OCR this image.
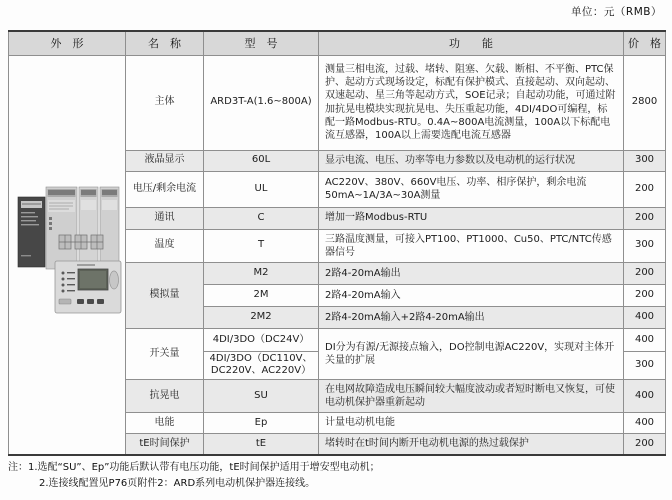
单位：元（RMB）
外　形	名　称	型　号	功　　能	价　格

	主体	ARD3T-A(1.6~800A)	测量三相电流，过载、堵转、阻塞、欠载、断相、不平衡、PTC保护、起动方式现场设定，标配有保护模式、直接起动、双向起动、双速起动、星三角等起动方式，SOE记录；自起动功能，可通过附加抗晃电模块实现抗晃电、失压重起功能，4DI/4DO可编程，标配一路Modbus-RTU。0.4A~800A电流测量，100A以下标配电流互感器，100A以上需要选配电流互感器	2800
	液晶显示	60L	显示电流、电压、功率等电力参数以及电动机的运行状况	300
	电压/剩余电流	UL	AC220V、380V、660V电压、功率、相序保护，剩余电流50mA~1A/3A~30A测量	200
	通讯	C	增加一路Modbus-RTU	200
	温度	T	三路温度测量，可接入PT100、PT1000、Cu50、PTC/NTC传感器信号	300
	模拟量	M2	2路4-20mA输出	200
		2M	2路4-20mA输入	200
		2M2	2路4-20mA输入+2路4-20mA输出	400
	开关量	4DI/3DO（DC24V）	DI分为有源/无源接点输入，DO控制电源AC220V，实现对主体开关量的扩展	400
		4DI/3DO（DC110V、DC220V、AC220V）		300
	抗晃电	SU	在电网故障造成电压瞬间较大幅度波动或者短时断电又恢复，可使电动机保护器重新起动	400
	电能	Ep	计量电动机电能	400
	tE时间保护	tE	堵转时在t时间内断开电动机电源的热过载保护	200
注：1.选配“SU”、Ep”功能后默认带有电压功能，tE时间保护适用于增安型电动机；
2.连接线配置见P76页附件2：ARD系列电动机保护器连接线。
